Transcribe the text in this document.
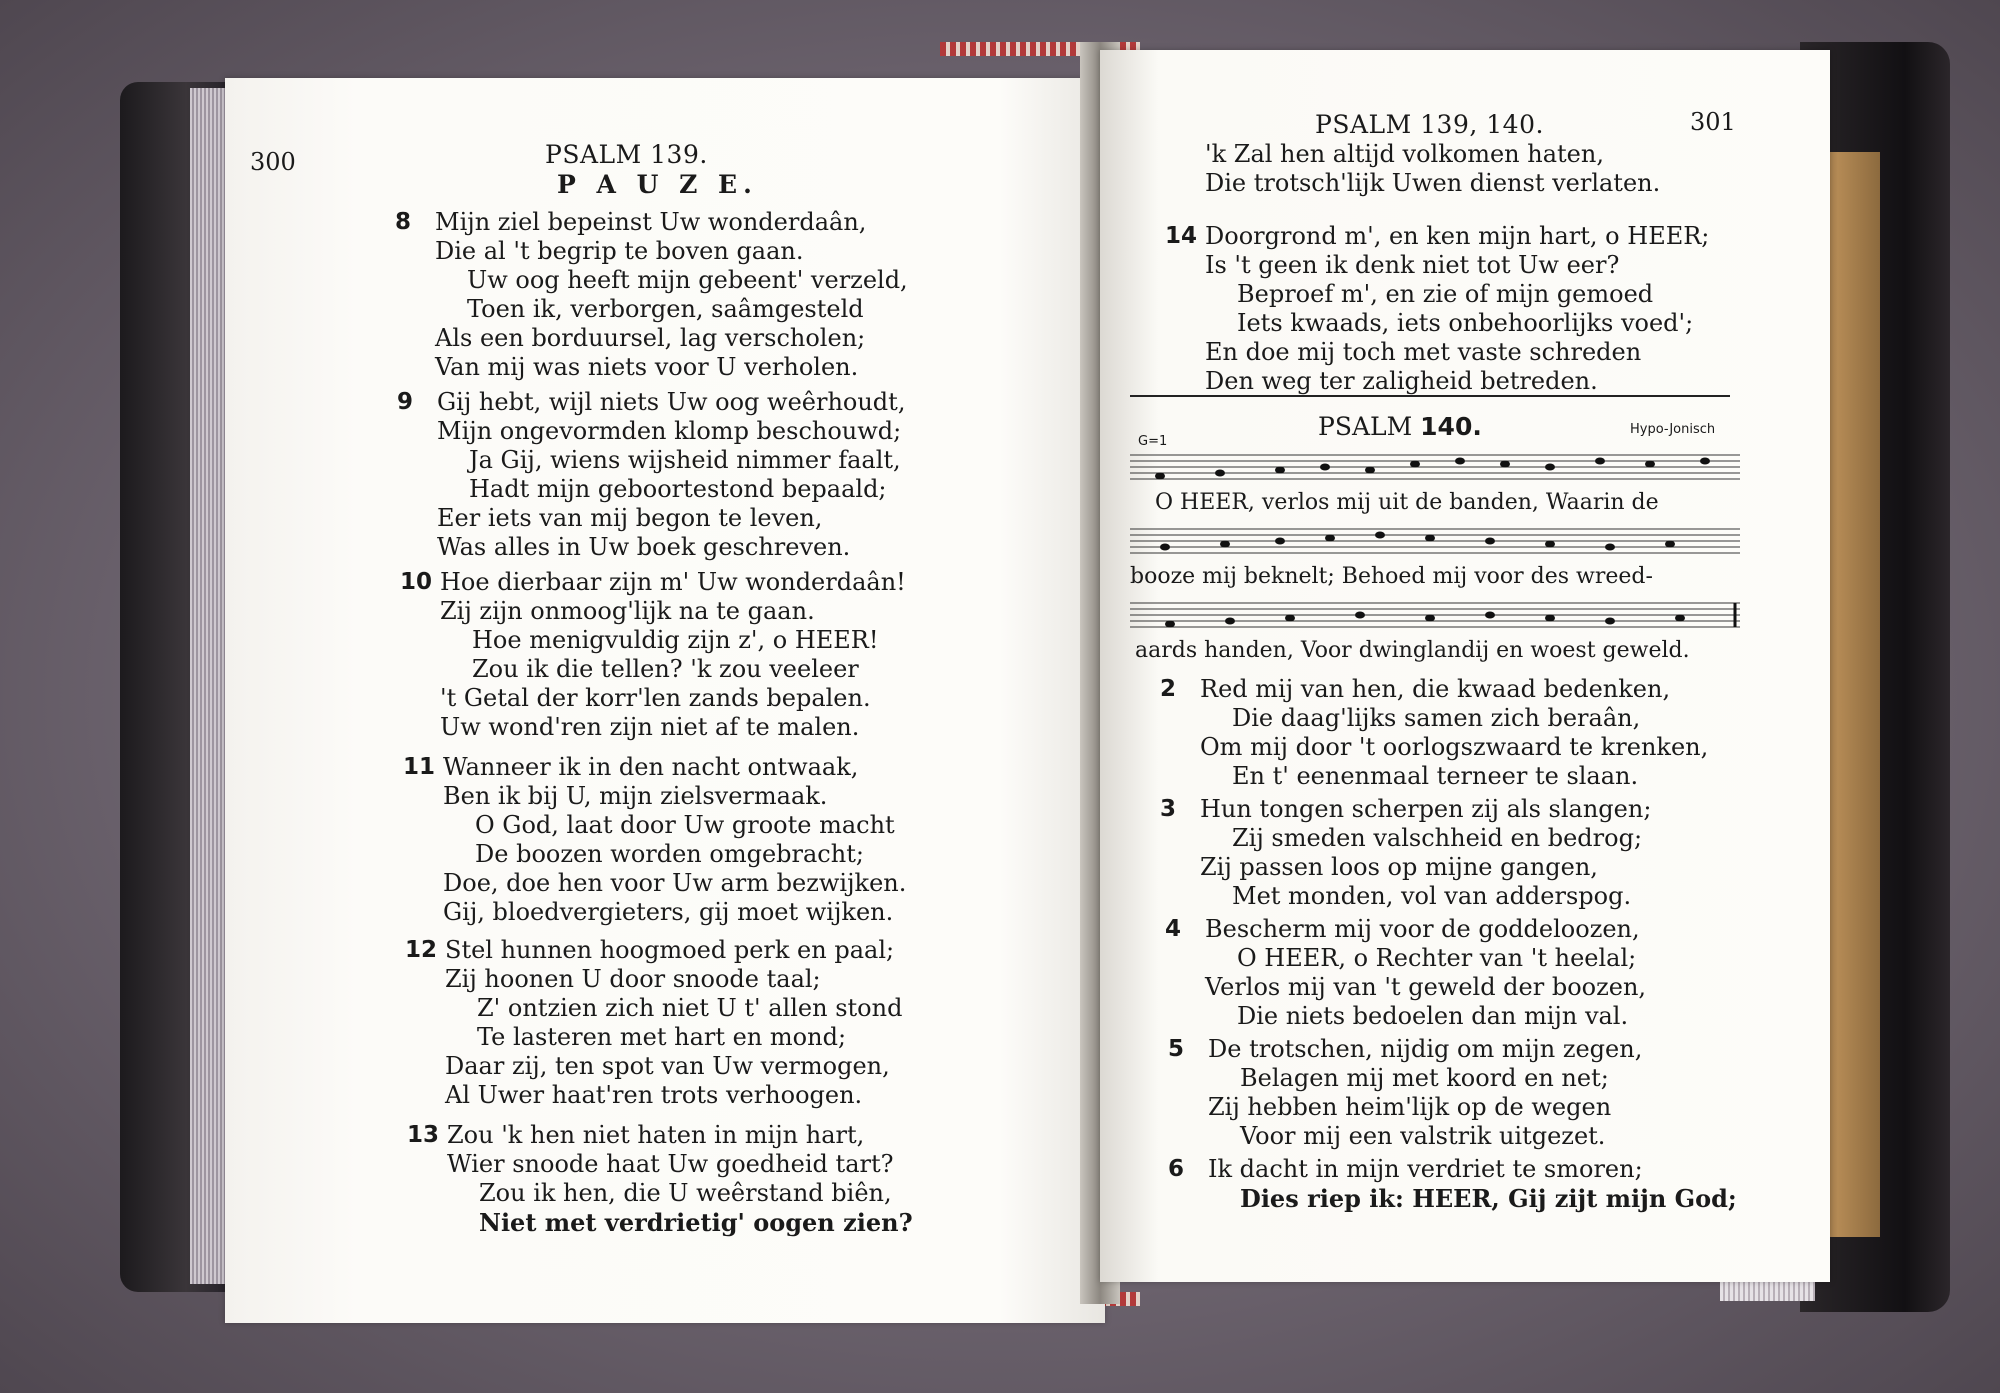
300	PSALM 139.
P A U Z E.
8 Mijn ziel bepeinst Uw wonderdaân,
Die al 't begrip te boven gaan.
Uw oog heeft mijn gebeent' verzeld,
Toen ik, verborgen, saâmgesteld
Als een borduursel, lag verscholen;
Van mij was niets voor U verholen.
9 Gij hebt, wijl niets Uw oog weêrhoudt,
Mijn ongevormden klomp beschouwd;
Ja Gij, wiens wijsheid nimmer faalt,
Hadt mijn geboortestond bepaald;
Eer iets van mij begon te leven,
Was alles in Uw boek geschreven.
10 Hoe dierbaar zijn m' Uw wonderdaân!
Zij zijn onmoog'lijk na te gaan.
Hoe menigvuldig zijn z', o HEER!
Zou ik die tellen? 'k zou veeleer
't Getal der korr'len zands bepalen.
Uw wond'ren zijn niet af te malen.
11 Wanneer ik in den nacht ontwaak,
Ben ik bij U, mijn zielsvermaak.
O God, laat door Uw groote macht
De boozen worden omgebracht;
Doe, doe hen voor Uw arm bezwijken.
Gij, bloedvergieters, gij moet wijken.
12 Stel hunnen hoogmoed perk en paal;
Zij hoonen U door snoode taal;
Z' ontzien zich niet U t' allen stond
Te lasteren met hart en mond;
Daar zij, ten spot van Uw vermogen,
Al Uwer haat'ren trots verhoogen.
13 Zou 'k hen niet haten in mijn hart,
Wier snoode haat Uw goedheid tart?
Zou ik hen, die U weêrstand biên,
Niet met verdrietig' oogen zien?
PSALM 139, 140.	301
'k Zal hen altijd volkomen haten,
Die trotsch'lijk Uwen dienst verlaten.
14 Doorgrond m', en ken mijn hart, o HEER;
Is 't geen ik denk niet tot Uw eer?
Beproef m', en zie of mijn gemoed
Iets kwaads, iets onbehoorlijks voed';
En doe mij toch met vaste schreden
Den weg ter zaligheid betreden.
PSALM 140.	Hypo-Jonisch
G=1
O HEER, verlos mij uit de banden, Waarin de
booze mij beknelt; Behoed mij voor des wreed-
aards handen, Voor dwinglandij en woest geweld.
2 Red mij van hen, die kwaad bedenken,
Die daag'lijks samen zich beraân,
Om mij door 't oorlogszwaard te krenken,
En t' eenenmaal terneer te slaan.
3 Hun tongen scherpen zij als slangen;
Zij smeden valschheid en bedrog;
Zij passen loos op mijne gangen,
Met monden, vol van adderspog.
4 Bescherm mij voor de goddeloozen,
O HEER, o Rechter van 't heelal;
Verlos mij van 't geweld der boozen,
Die niets bedoelen dan mijn val.
5 De trotschen, nijdig om mijn zegen,
Belagen mij met koord en net;
Zij hebben heim'lijk op de wegen
Voor mij een valstrik uitgezet.
6 Ik dacht in mijn verdriet te smoren;
Dies riep ik: HEER, Gij zijt mijn God;
